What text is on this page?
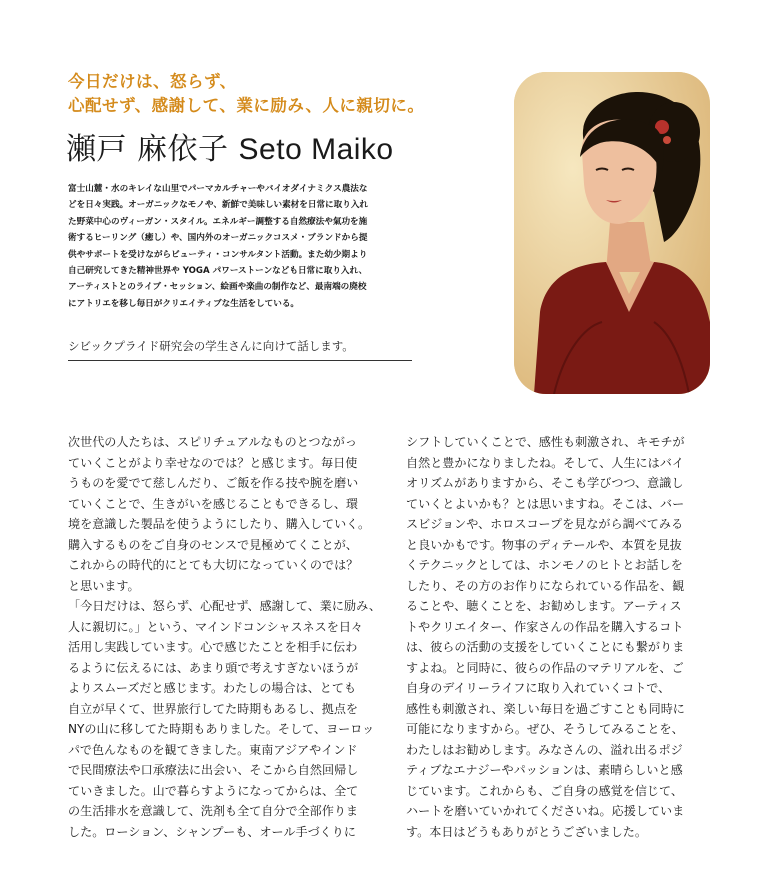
今日だけは、怒らず、
心配せず、感謝して、業に励み、人に親切に。
瀬戸 麻依子 Seto Maiko
富士山麓・水のキレイな山里でパーマカルチャーやバイオダイナミクス農法な
どを日々実践。オーガニックなモノや、新鮮で美味しい素材を日常に取り入れ
た野菜中心のヴィーガン・スタイル。エネルギー調整する自然療法や氣功を施
術するヒーリング（癒し）や、国内外のオーガニックコスメ・ブランドから提
供やサポートを受けながらビューティ・コンサルタント活動。また幼少期より
自己研究してきた精神世界や YOGA パワーストーンなども日常に取り入れ、
アーティストとのライブ・セッション、絵画や楽曲の制作など、最南端の廃校
にアトリエを移し毎日がクリエイティブな生活をしている。
シビックプライド研究会の学生さんに向けて話します。
次世代の人たちは、スピリチュアルなものとつながっ
ていくことがより幸せなのでは？と感じます。毎日使
うものを愛でて慈しんだり、ご飯を作る技や腕を磨い
ていくことで、生きがいを感じることもできるし、環
境を意識した製品を使うようにしたり、購入していく。
購入するものをご自身のセンスで見極めてくことが、
これからの時代的にとても大切になっていくのでは？
と思います。
「今日だけは、怒らず、心配せず、感謝して、業に励み、
人に親切に。」という、マインドコンシャスネスを日々
活用し実践しています。心で感じたことを相手に伝わ
るように伝えるには、あまり頭で考えすぎないほうが
よりスムーズだと感じます。わたしの場合は、とても
自立が早くて、世界旅行してた時期もあるし、拠点を
NYの山に移してた時期もありました。そして、ヨーロッ
パで色んなものを観てきました。東南アジアやインド
で民間療法や口承療法に出会い、そこから自然回帰し
ていきました。山で暮らすようになってからは、全て
の生活排水を意識して、洗剤も全て自分で全部作りま
した。ローション、シャンプーも、オール手づくりに
シフトしていくことで、感性も刺激され、キモチが
自然と豊かになりましたね。そして、人生にはバイ
オリズムがありますから、そこも学びつつ、意識し
ていくとよいかも？とは思いますね。そこは、バー
スビジョンや、ホロスコープを見ながら調べてみる
と良いかもです。物事のディテールや、本質を見抜
くテクニックとしては、ホンモノのヒトとお話しを
したり、その方のお作りになられている作品を、観
ることや、聴くことを、お勧めします。アーティス
トやクリエイター、作家さんの作品を購入するコト
は、彼らの活動の支援をしていくことにも繋がりま
すよね。と同時に、彼らの作品のマテリアルを、ご
自身のデイリーライフに取り入れていくコトで、
感性も刺激され、楽しい毎日を過ごすことも同時に
可能になりますから。ぜひ、そうしてみることを、
わたしはお勧めします。みなさんの、溢れ出るポジ
ティブなエナジーやパッションは、素晴らしいと感
じています。これからも、ご自身の感覚を信じて、
ハートを磨いていかれてくださいね。応援していま
す。本日はどうもありがとうございました。
